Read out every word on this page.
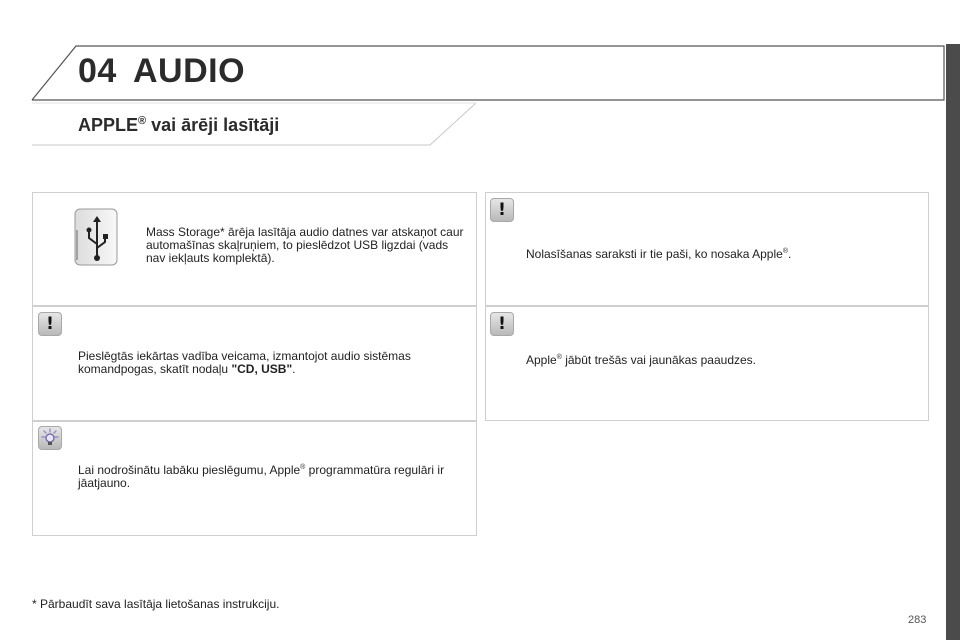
04 AUDIO
APPLE® vai ārēji lasītāji
Mass Storage* ārēja lasītāja audio datnes var atskaņot caur automašīnas skaļruņiem, to pieslēdzot USB ligzdai (vads nav iekļauts komplektā).
!
Pieslēgtās iekārtas vadība veicama, izmantojot audio sistēmas komandpogas, skatīt nodaļu "CD, USB".
Lai nodrošinātu labāku pieslēgumu, Apple® programmatūra regulāri ir jāatjauno.
!
Nolasīšanas saraksti ir tie paši, ko nosaka Apple®.
!
Apple® jābūt trešās vai jaunākas paaudzes.
* Pārbaudīt sava lasītāja lietošanas instrukciju.
283
